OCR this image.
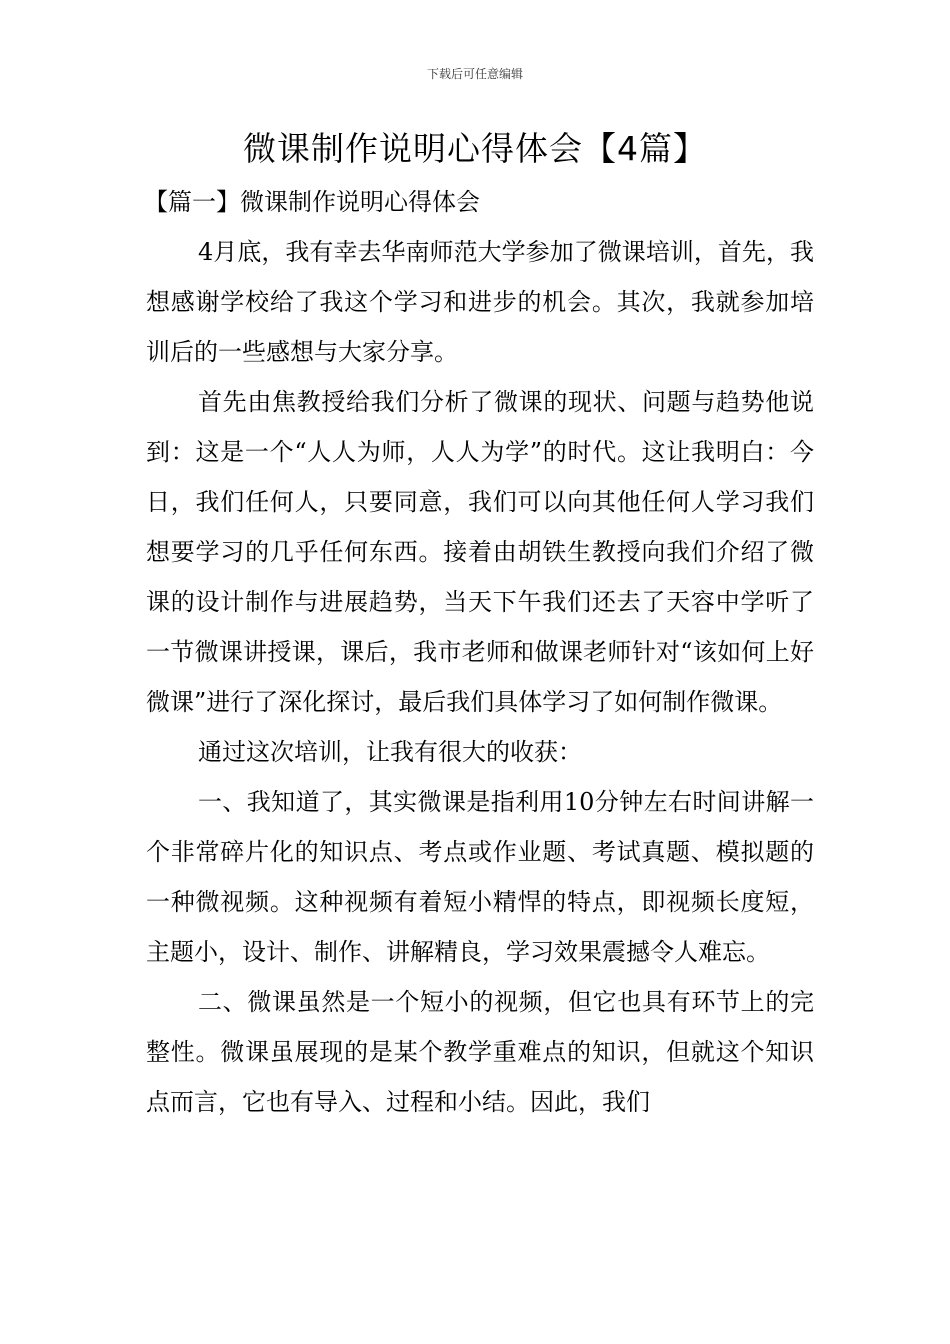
下载后可任意编辑
微课制作说明心得体会【4篇】
【篇一】微课制作说明心得体会

4月底，我有幸去华南师范大学参加了微课培训，首先，我想感谢学校给了我这个学习和进步的机会。其次，我就参加培训后的一些感想与大家分享。

首先由焦教授给我们分析了微课的现状、问题与趋势他说到：这是一个“人人为师，人人为学”的时代。这让我明白：今日，我们任何人，只要同意，我们可以向其他任何人学习我们想要学习的几乎任何东西。接着由胡铁生教授向我们介绍了微课的设计制作与进展趋势，当天下午我们还去了天容中学听了一节微课讲授课，课后，我市老师和做课老师针对“该如何上好微课”进行了深化探讨，最后我们具体学习了如何制作微课。

通过这次培训，让我有很大的收获：

一、我知道了，其实微课是指利用10分钟左右时间讲解一个非常碎片化的知识点、考点或作业题、考试真题、模拟题的一种微视频。这种视频有着短小精悍的特点，即视频长度短，主题小，设计、制作、讲解精良，学习效果震撼令人难忘。

二、微课虽然是一个短小的视频，但它也具有环节上的完整性。微课虽展现的是某个教学重难点的知识，但就这个知识点而言，它也有导入、过程和小结。因此，我们
